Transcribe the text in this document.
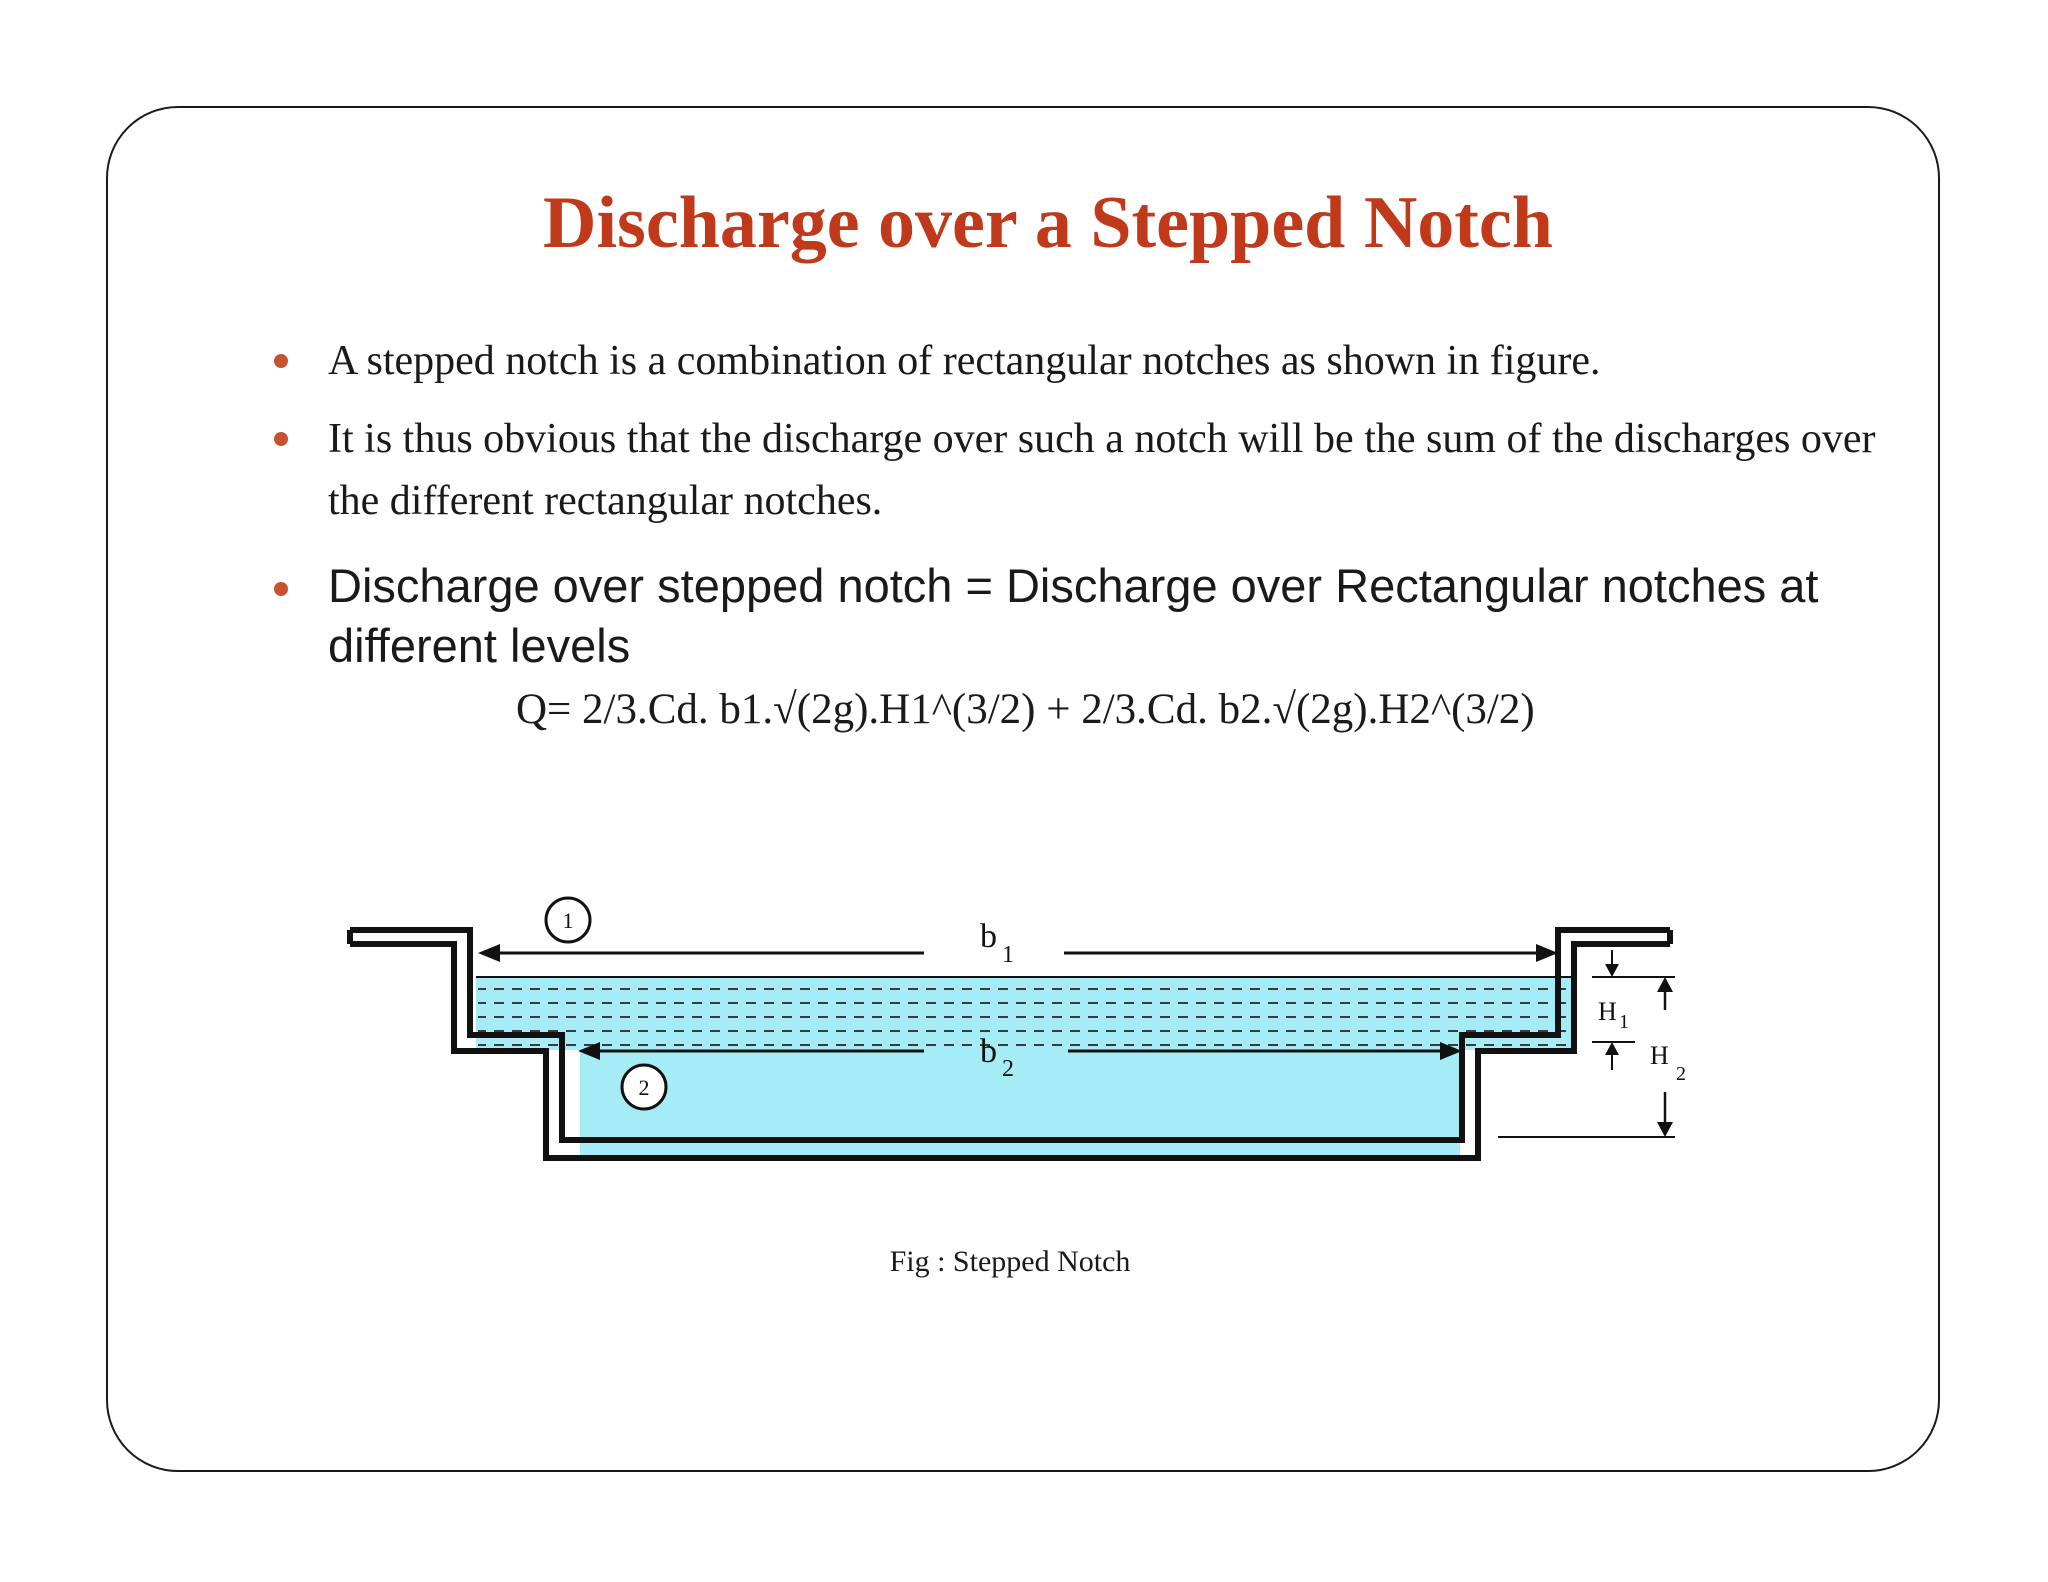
Discharge over a Stepped Notch
A stepped notch is a combination of rectangular notches as shown in figure.
It is thus obvious that the discharge over such a notch will be the sum of the discharges over the different rectangular notches.
Discharge over stepped notch = Discharge over Rectangular notches at different levels
Q= 2/3.Cd. b1.√(2g).H1^(3/2) + 2/3.Cd. b2.√(2g).H2^(3/2)
b 1
1
b 2
2
H 1
H
2
Fig : Stepped Notch
